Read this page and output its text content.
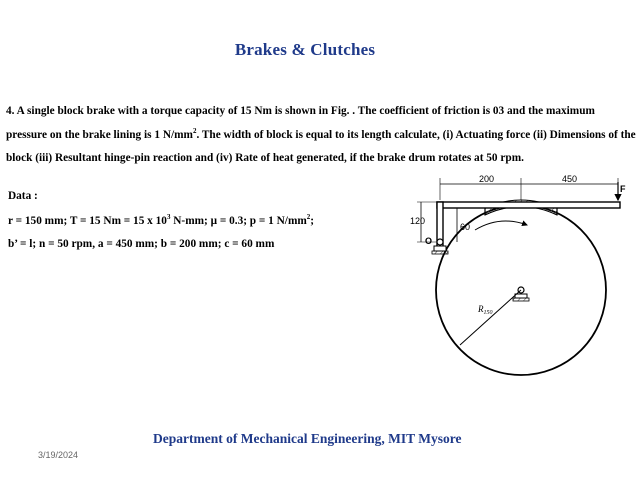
Brakes & Clutches
4. A single block brake with a torque capacity of 15 Nm is shown in Fig. . The coefficient of friction is 03 and the maximum
pressure on the brake lining is 1 $N/mm^2$. The width of block is equal to its length calculate, (i) Actuating force (ii) Dimensions of the
block (iii) Resultant hinge-pin reaction and (iv) Rate of heat generated, if the brake drum rotates at 50 rpm.
Data :
r = 150 mm; T = 15 Nm = 15 x $10^3$ N-mm; μ = 0.3; p = 1 $N/mm^2$;
b’ = l; n = 50 rpm, a = 450 mm; b = 200 mm; c = 60 mm	O
$R_{150}$
F
200	450
120
60
Department of Mechanical Engineering, MIT Mysore
3/19/2024
